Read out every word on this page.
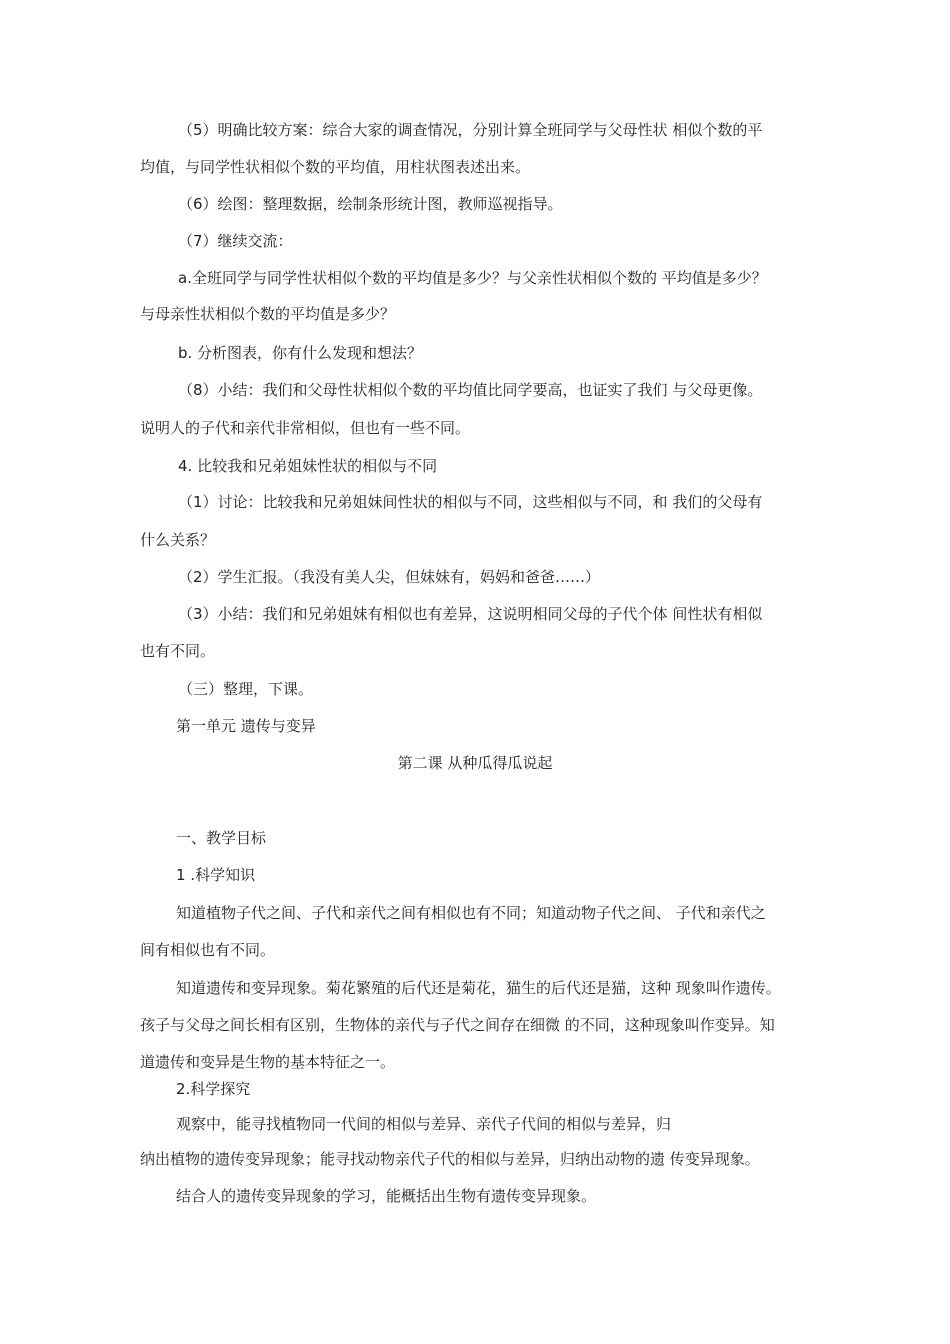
（5）明确比较方案：综合大家的调查情况，分别计算全班同学与父母性状 相似个数的平

均值，与同学性状相似个数的平均值，用柱状图表述出来。

（6）绘图：整理数据，绘制条形统计图，教师巡视指导。

（7）继续交流：

a.全班同学与同学性状相似个数的平均值是多少？与父亲性状相似个数的 平均值是多少？

与母亲性状相似个数的平均值是多少？

b. 分析图表，你有什么发现和想法？

（8）小结：我们和父母性状相似个数的平均值比同学要高，也证实了我们 与父母更像。

说明人的子代和亲代非常相似，但也有一些不同。

4. 比较我和兄弟姐妹性状的相似与不同

（1）讨论：比较我和兄弟姐妹间性状的相似与不同，这些相似与不同，和 我们的父母有

什么关系？

（2）学生汇报。（我没有美人尖，但妹妹有，妈妈和爸爸……）

（3）小结：我们和兄弟姐妹有相似也有差异，这说明相同父母的子代个体 间性状有相似

也有不同。

（三）整理，下课。

第一单元 遗传与变异

第二课 从种瓜得瓜说起

一、教学目标

1 .科学知识

知道植物子代之间、子代和亲代之间有相似也有不同；知道动物子代之间、 子代和亲代之

间有相似也有不同。

知道遗传和变异现象。菊花繁殖的后代还是菊花，猫生的后代还是猫，这种 现象叫作遗传。

孩子与父母之间长相有区别，生物体的亲代与子代之间存在细微 的不同，这种现象叫作变异。知

道遗传和变异是生物的基本特征之一。

2.科学探究

观察中，能寻找植物同一代间的相似与差异、亲代子代间的相似与差异，归

纳出植物的遗传变异现象；能寻找动物亲代子代的相似与差异，归纳出动物的遗 传变异现象。

结合人的遗传变异现象的学习，能概括出生物有遗传变异现象。
